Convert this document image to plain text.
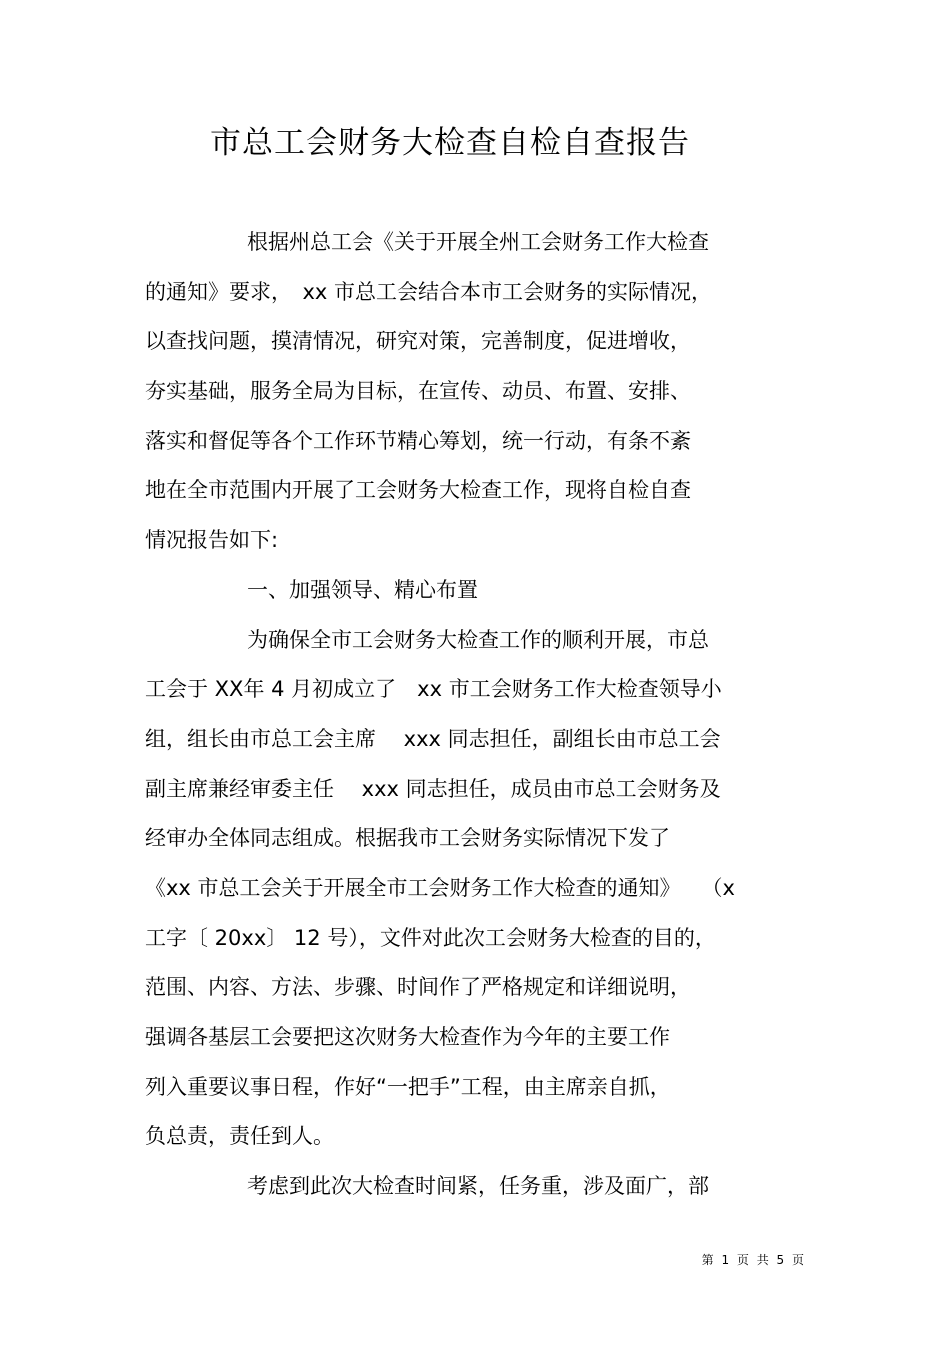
市总工会财务大检查自检自查报告
根据州总工会《关于开展全州工会财务工作大检查
的通知》要求，　xx 市总工会结合本市工会财务的实际情况，
以查找问题，摸清情况，研究对策，完善制度，促进增收，
夯实基础，服务全局为目标，在宣传、动员、布置、安排、
落实和督促等各个工作环节精心筹划，统一行动，有条不紊
地在全市范围内开展了工会财务大检查工作，现将自检自查
情况报告如下:
一、加强领导、精心布置
为确保全市工会财务大检查工作的顺利开展，市总
工会于 XX年 4 月初成立了　xx 市工会财务工作大检查领导小
组，组长由市总工会主席　 xxx 同志担任，副组长由市总工会
副主席兼经审委主任　 xxx 同志担任，成员由市总工会财务及
经审办全体同志组成。根据我市工会财务实际情况下发了
《xx 市总工会关于开展全市工会财务工作大检查的通知》　　（x
工字〔 20xx〕 12 号），文件对此次工会财务大检查的目的，
范围、内容、方法、步骤、时间作了严格规定和详细说明，
强调各基层工会要把这次财务大检查作为今年的主要工作
列入重要议事日程，作好“一把手”工程，由主席亲自抓，
负总责，责任到人。
考虑到此次大检查时间紧，任务重，涉及面广，部
第 1 页 共 5 页
